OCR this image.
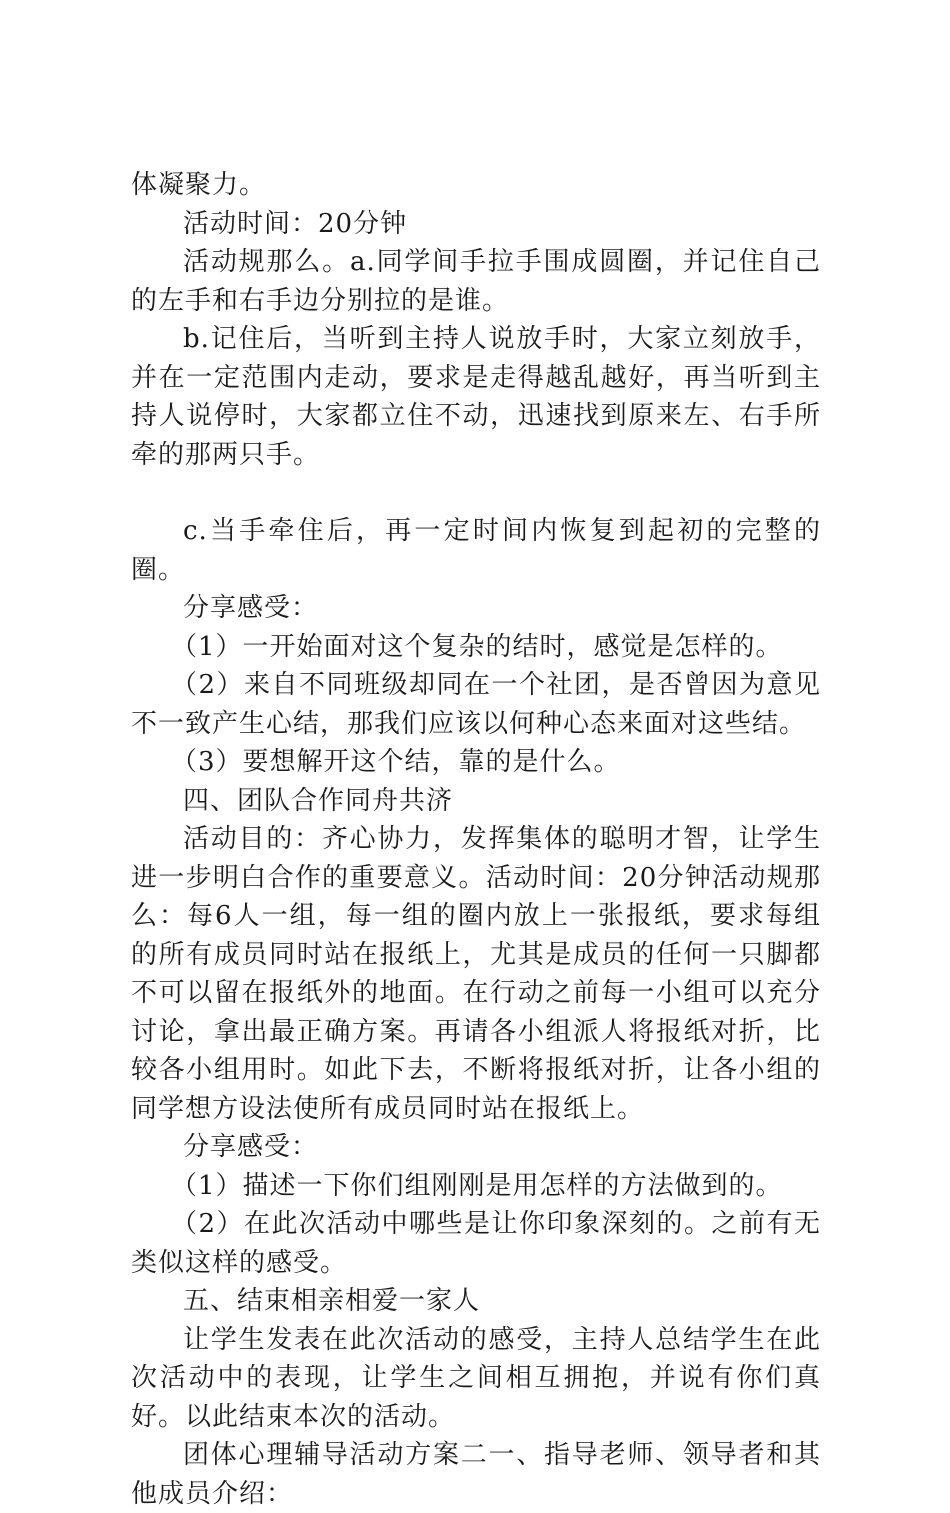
体凝聚力。

活动时间：20分钟

活动规那么。a.同学间手拉手围成圆圈，并记住自己的左手和右手边分别拉的是谁。

b.记住后，当听到主持人说放手时，大家立刻放手，并在一定范围内走动，要求是走得越乱越好，再当听到主持人说停时，大家都立住不动，迅速找到原来左、右手所牵的那两只手。

c.当手牵住后，再一定时间内恢复到起初的完整的圈。

分享感受：

（1）一开始面对这个复杂的结时，感觉是怎样的。

（2）来自不同班级却同在一个社团，是否曾因为意见不一致产生心结，那我们应该以何种心态来面对这些结。

（3）要想解开这个结，靠的是什么。

四、团队合作同舟共济

活动目的：齐心协力，发挥集体的聪明才智，让学生进一步明白合作的重要意义。活动时间：20分钟活动规那么：每6人一组，每一组的圈内放上一张报纸，要求每组的所有成员同时站在报纸上，尤其是成员的任何一只脚都不可以留在报纸外的地面。在行动之前每一小组可以充分讨论，拿出最正确方案。再请各小组派人将报纸对折，比较各小组用时。如此下去，不断将报纸对折，让各小组的同学想方设法使所有成员同时站在报纸上。

分享感受：

（1）描述一下你们组刚刚是用怎样的方法做到的。

（2）在此次活动中哪些是让你印象深刻的。之前有无类似这样的感受。

五、结束相亲相爱一家人

让学生发表在此次活动的感受，主持人总结学生在此次活动中的表现，让学生之间相互拥抱，并说有你们真好。以此结束本次的活动。

团体心理辅导活动方案二一、指导老师、领导者和其他成员介绍：
